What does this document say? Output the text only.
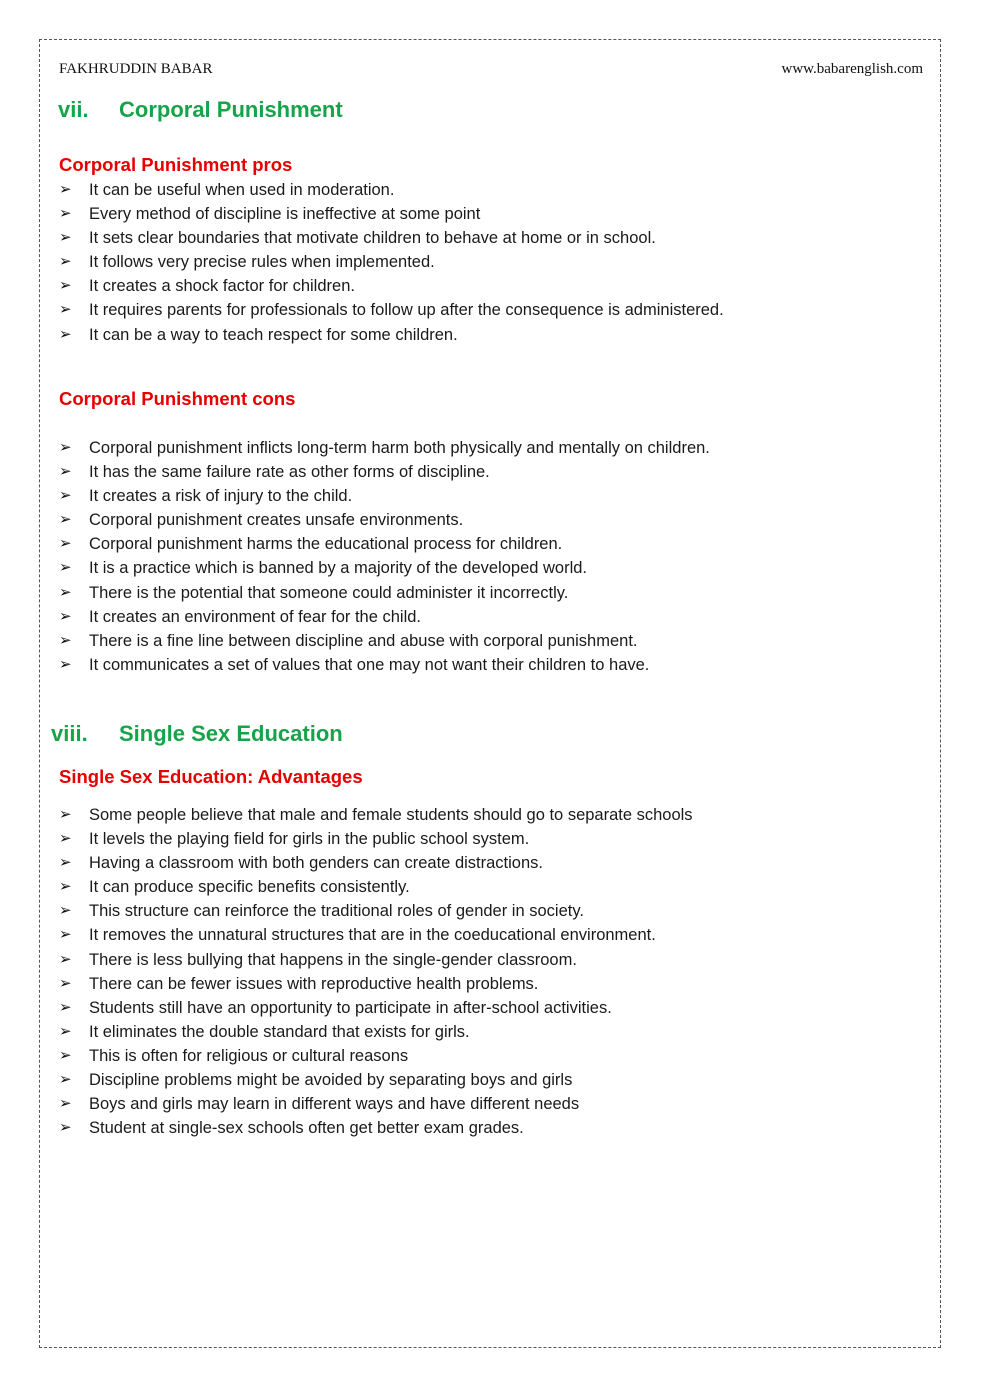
FAKHRUDDIN BABAR	www.babarenglish.com
vii. Corporal Punishment
Corporal Punishment pros
➢ It can be useful when used in moderation.
➢ Every method of discipline is ineffective at some point
➢ It sets clear boundaries that motivate children to behave at home or in school.
➢ It follows very precise rules when implemented.
➢ It creates a shock factor for children.
➢ It requires parents for professionals to follow up after the consequence is administered.
➢ It can be a way to teach respect for some children.
Corporal Punishment cons
➢ Corporal punishment inflicts long-term harm both physically and mentally on children.
➢ It has the same failure rate as other forms of discipline.
➢ It creates a risk of injury to the child.
➢ Corporal punishment creates unsafe environments.
➢ Corporal punishment harms the educational process for children.
➢ It is a practice which is banned by a majority of the developed world.
➢ There is the potential that someone could administer it incorrectly.
➢ It creates an environment of fear for the child.
➢ There is a fine line between discipline and abuse with corporal punishment.
➢ It communicates a set of values that one may not want their children to have.
viii. Single Sex Education
Single Sex Education: Advantages
➢ Some people believe that male and female students should go to separate schools
➢ It levels the playing field for girls in the public school system.
➢ Having a classroom with both genders can create distractions.
➢ It can produce specific benefits consistently.
➢ This structure can reinforce the traditional roles of gender in society.
➢ It removes the unnatural structures that are in the coeducational environment.
➢ There is less bullying that happens in the single-gender classroom.
➢ There can be fewer issues with reproductive health problems.
➢ Students still have an opportunity to participate in after-school activities.
➢ It eliminates the double standard that exists for girls.
➢ This is often for religious or cultural reasons
➢ Discipline problems might be avoided by separating boys and girls
➢ Boys and girls may learn in different ways and have different needs
➢ Student at single-sex schools often get better exam grades.
